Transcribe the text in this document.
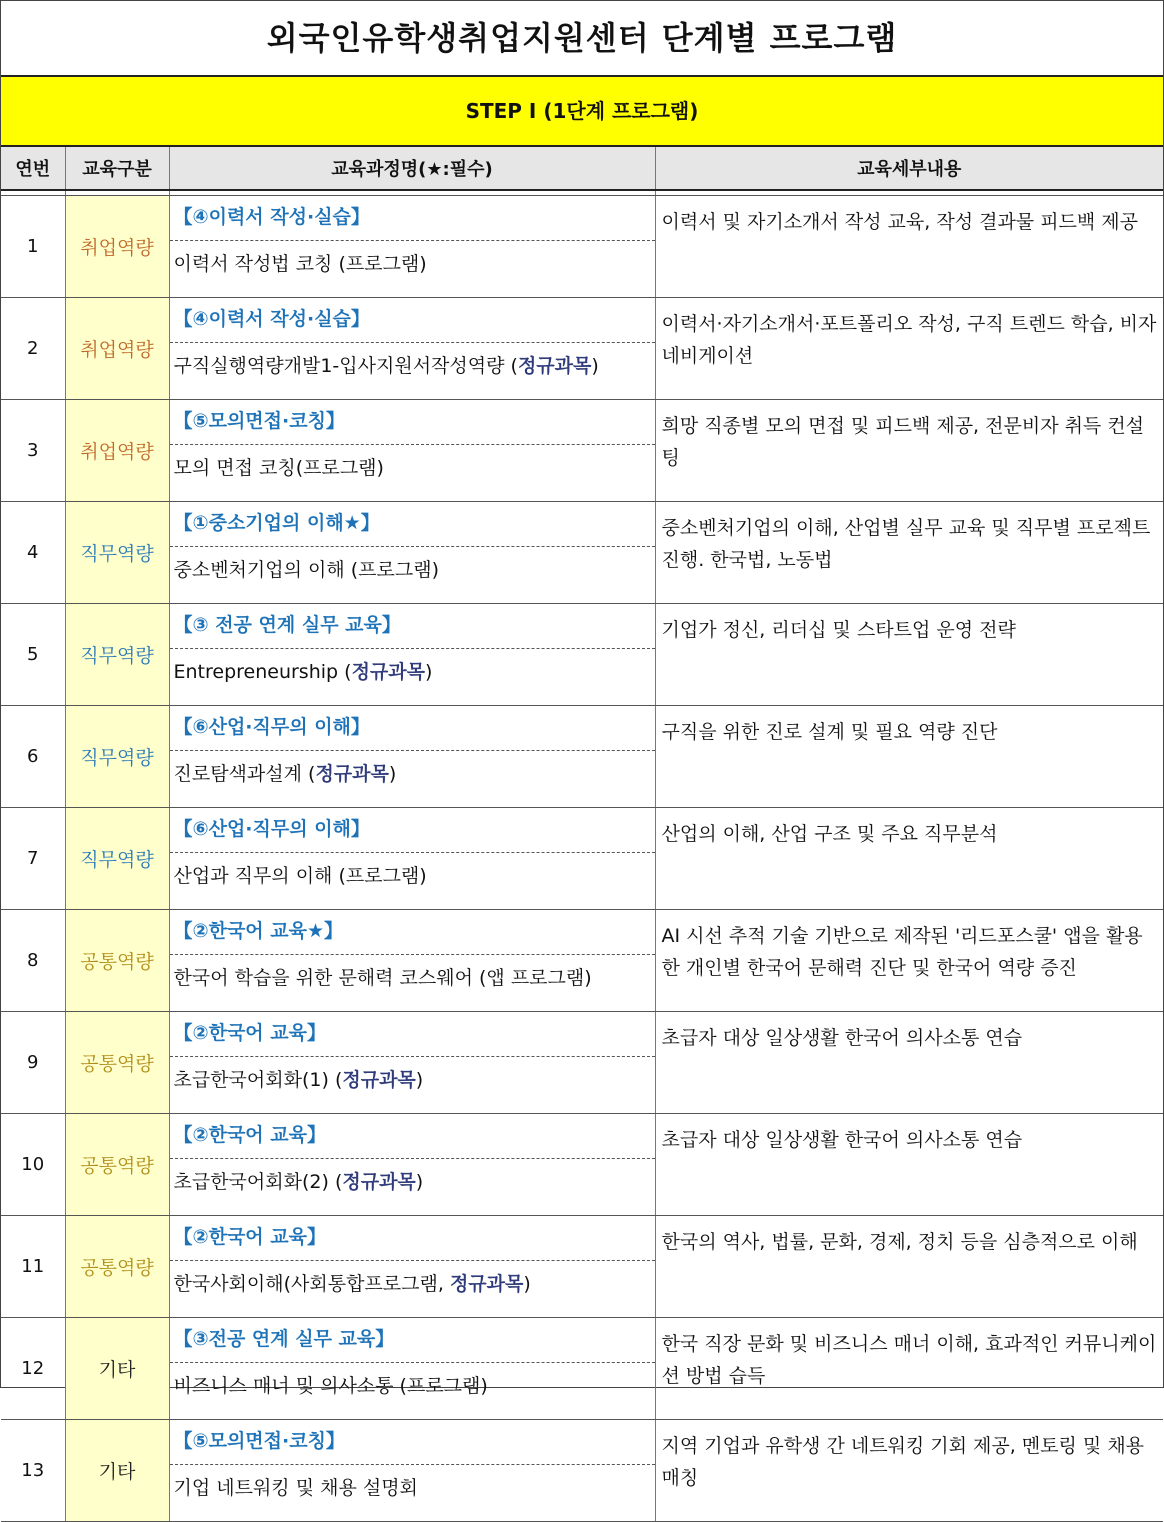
외국인유학생취업지원센터 단계별 프로그램
STEP Ⅰ (1단계 프로그램)
연번	교육구분	교육과정명(★:필수)	교육세부내용

1	취업역량	【④이력서 작성·실습】
이력서 작성법 코칭 (프로그램)	이력서 및 자기소개서 작성 교육, 작성 결과물 피드백 제공
2	취업역량	【④이력서 작성·실습】
구직실행역량개발1-입사지원서작성역량 (정규과목)	이력서·자기소개서·포트폴리오 작성, 구직 트렌드 학습, 비자 네비게이션
3	취업역량	【⑤모의면접·코칭】
모의 면접 코칭(프로그램)	희망 직종별 모의 면접 및 피드백 제공, 전문비자 취득 컨설팅
4	직무역량	【①중소기업의 이해★】
중소벤처기업의 이해 (프로그램)	중소벤처기업의 이해, 산업별 실무 교육 및 직무별 프로젝트 진행. 한국법, 노동법
5	직무역량	【③ 전공 연계 실무 교육】
Entrepreneurship (정규과목)	기업가 정신, 리더십 및 스타트업 운영 전략
6	직무역량	【⑥산업·직무의 이해】
진로탐색과설계 (정규과목)	구직을 위한 진로 설계 및 필요 역량 진단
7	직무역량	【⑥산업·직무의 이해】
산업과 직무의 이해 (프로그램)	산업의 이해, 산업 구조 및 주요 직무분석
8	공통역량	【②한국어 교육★】
한국어 학습을 위한 문해력 코스웨어 (앱 프로그램)	AI 시선 추적 기술 기반으로 제작된 '리드포스쿨' 앱을 활용한 개인별 한국어 문해력 진단 및 한국어 역량 증진
9	공통역량	【②한국어 교육】
초급한국어회화(1) (정규과목)	초급자 대상 일상생활 한국어 의사소통 연습
10	공통역량	【②한국어 교육】
초급한국어회화(2) (정규과목)	초급자 대상 일상생활 한국어 의사소통 연습
11	공통역량	【②한국어 교육】
한국사회이해(사회통합프로그램, 정규과목)	한국의 역사, 법률, 문화, 경제, 정치 등을 심층적으로 이해
12	기타	【③전공 연계 실무 교육】
비즈니스 매너 및 의사소통 (프로그램)	한국 직장 문화 및 비즈니스 매너 이해, 효과적인 커뮤니케이션 방법 습득
13	기타	【⑤모의면접·코칭】
기업 네트워킹 및 채용 설명회	지역 기업과 유학생 간 네트워킹 기회 제공, 멘토링 및 채용 매칭
